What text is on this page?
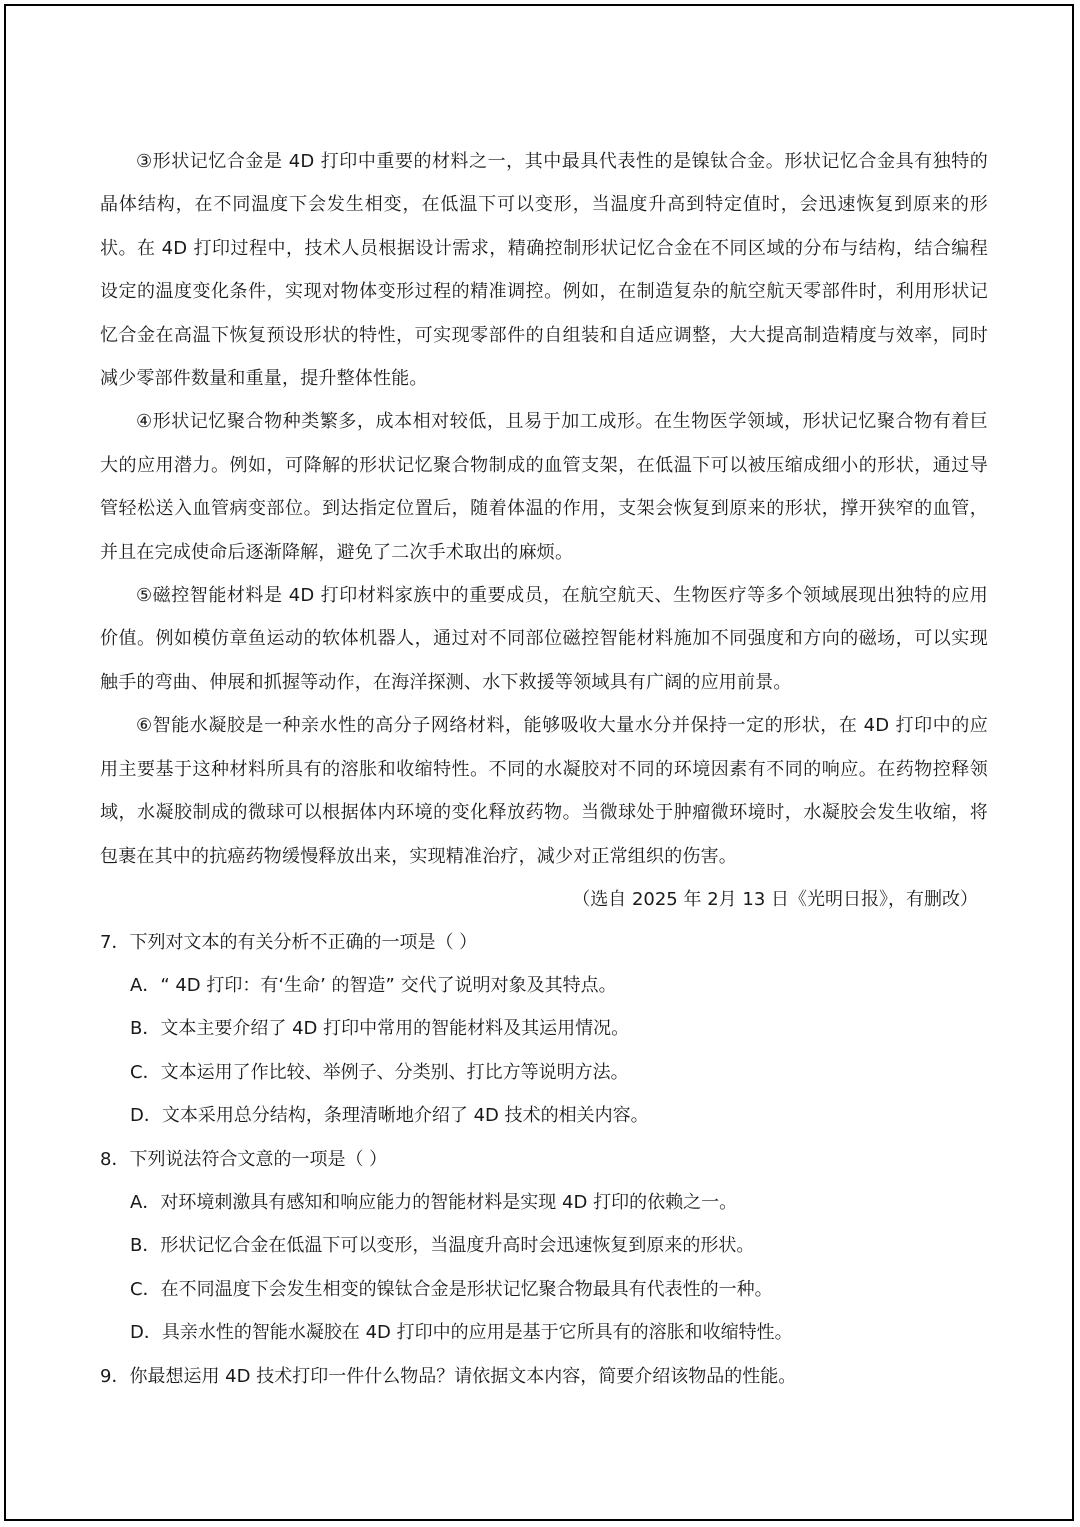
③形状记忆合金是 4D 打印中重要的材料之一，其中最具代表性的是镍钛合金。形状记忆合金具有独特的晶体结构，在不同温度下会发生相变，在低温下可以变形，当温度升高到特定值时，会迅速恢复到原来的形状。在 4D 打印过程中，技术人员根据设计需求，精确控制形状记忆合金在不同区域的分布与结构，结合编程设定的温度变化条件，实现对物体变形过程的精准调控。例如，在制造复杂的航空航天零部件时，利用形状记忆合金在高温下恢复预设形状的特性，可实现零部件的自组装和自适应调整，大大提高制造精度与效率，同时减少零部件数量和重量，提升整体性能。

④形状记忆聚合物种类繁多，成本相对较低，且易于加工成形。在生物医学领域，形状记忆聚合物有着巨大的应用潜力。例如，可降解的形状记忆聚合物制成的血管支架，在低温下可以被压缩成细小的形状，通过导管轻松送入血管病变部位。到达指定位置后，随着体温的作用，支架会恢复到原来的形状，撑开狭窄的血管，并且在完成使命后逐渐降解，避免了二次手术取出的麻烦。

⑤磁控智能材料是 4D 打印材料家族中的重要成员，在航空航天、生物医疗等多个领域展现出独特的应用价值。例如模仿章鱼运动的软体机器人，通过对不同部位磁控智能材料施加不同强度和方向的磁场，可以实现触手的弯曲、伸展和抓握等动作，在海洋探测、水下救援等领域具有广阔的应用前景。

⑥智能水凝胶是一种亲水性的高分子网络材料，能够吸收大量水分并保持一定的形状，在 4D 打印中的应用主要基于这种材料所具有的溶胀和收缩特性。不同的水凝胶对不同的环境因素有不同的响应。在药物控释领域，水凝胶制成的微球可以根据体内环境的变化释放药物。当微球处于肿瘤微环境时，水凝胶会发生收缩，将包裹在其中的抗癌药物缓慢释放出来，实现精准治疗，减少对正常组织的伤害。

（选自 2025 年 2月 13 日《光明日报》，有删改）

7．下列对文本的有关分析不正确的一项是（ ）

A．“ 4D 打印：有‘生命’ 的智造” 交代了说明对象及其特点。
B．文本主要介绍了 4D 打印中常用的智能材料及其运用情况。
C．文本运用了作比较、举例子、分类别、打比方等说明方法。
D．文本采用总分结构，条理清晰地介绍了 4D 技术的相关内容。

8．下列说法符合文意的一项是（ ）

A．对环境刺激具有感知和响应能力的智能材料是实现 4D 打印的依赖之一。
B．形状记忆合金在低温下可以变形，当温度升高时会迅速恢复到原来的形状。
C．在不同温度下会发生相变的镍钛合金是形状记忆聚合物最具有代表性的一种。
D．具亲水性的智能水凝胶在 4D 打印中的应用是基于它所具有的溶胀和收缩特性。

9．你最想运用 4D 技术打印一件什么物品？请依据文本内容，简要介绍该物品的性能。
